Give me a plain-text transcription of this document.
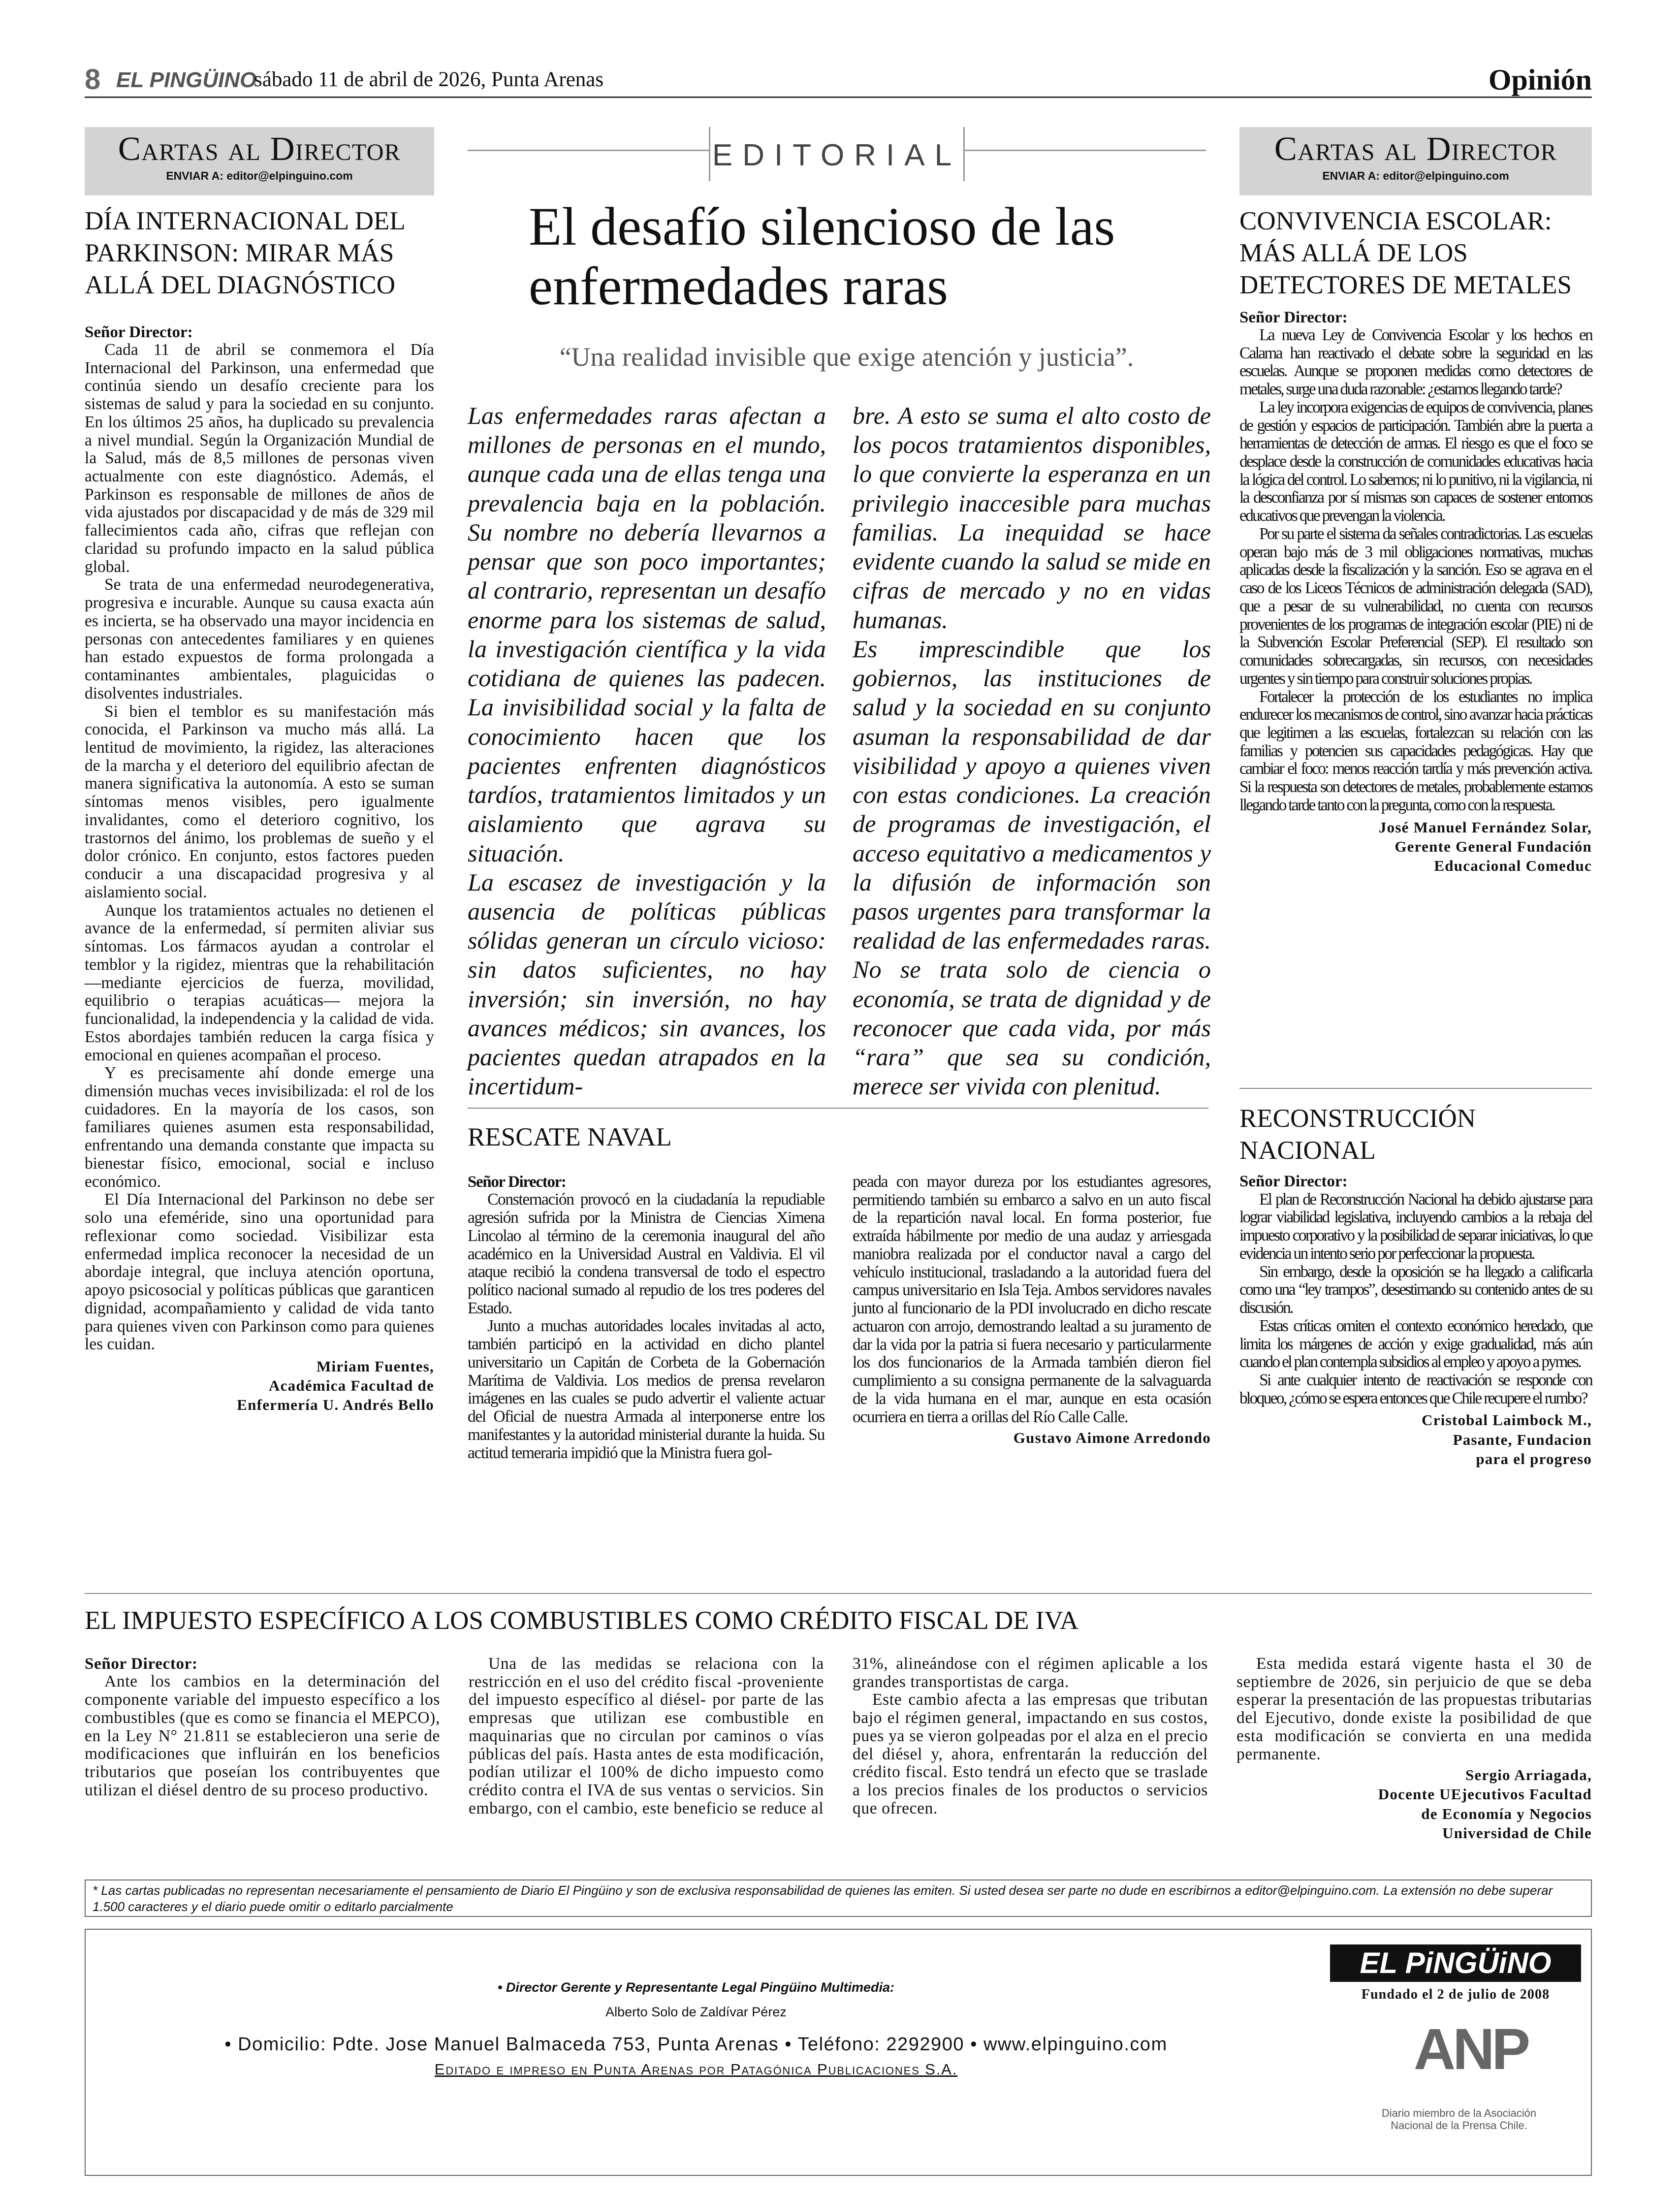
8 EL PINGÜINO
sábado 11 de abril de 2026, Punta Arenas	Opinión
Cartas al Director
ENVIAR A: editor@elpinguino.com
DÍA INTERNACIONAL DEL PARKINSON: MIRAR MÁS ALLÁ DEL DIAGNÓSTICO

Señor Director:

Cada 11 de abril se conmemora el Día Internacional del Parkinson, una enfermedad que continúa siendo un desafío creciente para los sistemas de salud y para la sociedad en su conjunto. En los últimos 25 años, ha duplicado su prevalencia a nivel mundial. Según la Organización Mundial de la Salud, más de 8,5 millones de personas viven actualmente con este diagnóstico. Además, el Parkinson es responsable de millones de años de vida ajustados por discapacidad y de más de 329 mil fallecimientos cada año, cifras que reflejan con claridad su profundo impacto en la salud pública global.

Se trata de una enfermedad neurodegenerativa, progresiva e incurable. Aunque su causa exacta aún es incierta, se ha observado una mayor incidencia en personas con antecedentes familiares y en quienes han estado expuestos de forma prolongada a contaminantes ambientales, plaguicidas o disolventes industriales.

Si bien el temblor es su manifestación más conocida, el Parkinson va mucho más allá. La lentitud de movimiento, la rigidez, las alteraciones de la marcha y el deterioro del equilibrio afectan de manera significativa la autonomía. A esto se suman síntomas menos visibles, pero igualmente invalidantes, como el deterioro cognitivo, los trastornos del ánimo, los problemas de sueño y el dolor crónico. En conjunto, estos factores pueden conducir a una discapacidad progresiva y al aislamiento social.

Aunque los tratamientos actuales no detienen el avance de la enfermedad, sí permiten aliviar sus síntomas. Los fármacos ayudan a controlar el temblor y la rigidez, mientras que la rehabilitación —mediante ejercicios de fuerza, movilidad, equilibrio o terapias acuáticas— mejora la funcionalidad, la independencia y la calidad de vida. Estos abordajes también reducen la carga física y emocional en quienes acompañan el proceso.

Y es precisamente ahí donde emerge una dimensión muchas veces invisibilizada: el rol de los cuidadores. En la mayoría de los casos, son familiares quienes asumen esta responsabilidad, enfrentando una demanda constante que impacta su bienestar físico, emocional, social e incluso económico.

El Día Internacional del Parkinson no debe ser solo una efeméride, sino una oportunidad para reflexionar como sociedad. Visibilizar esta enfermedad implica reconocer la necesidad de un abordaje integral, que incluya atención oportuna, apoyo psicosocial y políticas públicas que garanticen dignidad, acompañamiento y calidad de vida tanto para quienes viven con Parkinson como para quienes les cuidan.

Miriam Fuentes,
Académica Facultad de
Enfermería U. Andrés Bello
EDITORIAL
El desafío silencioso de las enfermedades raras
“Una realidad invisible que exige atención y justicia”.

Las enfermedades raras afectan a millones de personas en el mundo, aunque cada una de ellas tenga una prevalencia baja en la población. Su nombre no debería llevarnos a pensar que son poco importantes; al contrario, representan un desafío enorme para los sistemas de salud, la investigación científica y la vida cotidiana de quienes las padecen. La invisibilidad social y la falta de conocimiento hacen que los pacientes enfrenten diagnósticos tardíos, tratamientos limitados y un aislamiento que agrava su situación.

La escasez de investigación y la ausencia de políticas públicas sólidas generan un círculo vicioso: sin datos suficientes, no hay inversión; sin inversión, no hay avances médicos; sin avances, los pacientes quedan atrapados en la incertidum-

bre. A esto se suma el alto costo de los pocos tratamientos disponibles, lo que convierte la esperanza en un privilegio inaccesible para muchas familias. La inequidad se hace evidente cuando la salud se mide en cifras de mercado y no en vidas humanas.

Es imprescindible que los gobiernos, las instituciones de salud y la sociedad en su conjunto asuman la responsabilidad de dar visibilidad y apoyo a quienes viven con estas condiciones. La creación de programas de investigación, el acceso equitativo a medicamentos y la difusión de información son pasos urgentes para transformar la realidad de las enfermedades raras. No se trata solo de ciencia o economía, se trata de dignidad y de reconocer que cada vida, por más “rara” que sea su condición, merece ser vivida con plenitud.

RESCATE NAVAL

Señor Director:

Consternación provocó en la ciudadanía la repudiable agresión sufrida por la Ministra de Ciencias Ximena Lincolao al término de la ceremonia inaugural del año académico en la Universidad Austral en Valdivia. El vil ataque recibió la condena transversal de todo el espectro político nacional sumado al repudio de los tres poderes del Estado.

Junto a muchas autoridades locales invitadas al acto, también participó en la actividad en dicho plantel universitario un Capitán de Corbeta de la Gobernación Marítima de Valdivia. Los medios de prensa revelaron imágenes en las cuales se pudo advertir el valiente actuar del Oficial de nuestra Armada al interponerse entre los manifestantes y la autoridad ministerial durante la huida. Su actitud temeraria impidió que la Ministra fuera gol-

peada con mayor dureza por los estudiantes agresores, permitiendo también su embarco a salvo en un auto fiscal de la repartición naval local. En forma posterior, fue extraída hábilmente por medio de una audaz y arriesgada maniobra realizada por el conductor naval a cargo del vehículo institucional, trasladando a la autoridad fuera del campus universitario en Isla Teja. Ambos servidores navales junto al funcionario de la PDI involucrado en dicho rescate actuaron con arrojo, demostrando lealtad a su juramento de dar la vida por la patria si fuera necesario y particularmente los dos funcionarios de la Armada también dieron fiel cumplimiento a su consigna permanente de la salvaguarda de la vida humana en el mar, aunque en esta ocasión ocurriera en tierra a orillas del Río Calle Calle.

Gustavo Aimone Arredondo
Cartas al Director
ENVIAR A: editor@elpinguino.com
CONVIVENCIA ESCOLAR: MÁS ALLÁ DE LOS DETECTORES DE METALES

Señor Director:

La nueva Ley de Convivencia Escolar y los hechos en Calama han reactivado el debate sobre la seguridad en las escuelas. Aunque se proponen medidas como detectores de metales, surge una duda razonable: ¿estamos llegando tarde?

La ley incorpora exigencias de equipos de convivencia, planes de gestión y espacios de participación. También abre la puerta a herramientas de detección de armas. El riesgo es que el foco se desplace desde la construcción de comunidades educativas hacia la lógica del control. Lo sabemos; ni lo punitivo, ni la vigilancia, ni la desconfianza por sí mismas son capaces de sostener entornos educativos que prevengan la violencia.

Por su parte el sistema da señales contradictorias. Las escuelas operan bajo más de 3 mil obligaciones normativas, muchas aplicadas desde la fiscalización y la sanción. Eso se agrava en el caso de los Liceos Técnicos de administración delegada (SAD), que a pesar de su vulnerabilidad, no cuenta con recursos provenientes de los programas de integración escolar (PIE) ni de la Subvención Escolar Preferencial (SEP). El resultado son comunidades sobrecargadas, sin recursos, con necesidades urgentes y sin tiempo para construir soluciones propias.

Fortalecer la protección de los estudiantes no implica endurecer los mecanismos de control, sino avanzar hacia prácticas que legitimen a las escuelas, fortalezcan su relación con las familias y potencien sus capacidades pedagógicas. Hay que cambiar el foco: menos reacción tardía y más prevención activa. Si la respuesta son detectores de metales, probablemente estamos llegando tarde tanto con la pregunta, como con la respuesta.

José Manuel Fernández Solar,
Gerente General Fundación
Educacional Comeduc
RECONSTRUCCIÓN NACIONAL

Señor Director:

El plan de Reconstrucción Nacional ha debido ajustarse para lograr viabilidad legislativa, incluyendo cambios a la rebaja del impuesto corporativo y la posibilidad de separar iniciativas, lo que evidencia un intento serio por perfeccionar la propuesta.

Sin embargo, desde la oposición se ha llegado a calificarla como una “ley trampos”, desestimando su contenido antes de su discusión.

Estas críticas omiten el contexto económico heredado, que limita los márgenes de acción y exige gradualidad, más aún cuando el plan contempla subsidios al empleo y apoyo a pymes.

Si ante cualquier intento de reactivación se responde con bloqueo, ¿cómo se espera entonces que Chile recupere el rumbo?

Cristobal Laimbock M.,
Pasante, Fundacion
para el progreso
EL IMPUESTO ESPECÍFICO A LOS COMBUSTIBLES COMO CRÉDITO FISCAL DE IVA

Señor Director:

Ante los cambios en la determinación del componente variable del impuesto específico a los combustibles (que es como se financia el MEPCO), en la Ley N° 21.811 se establecieron una serie de modificaciones que influirán en los beneficios tributarios que poseían los contribuyentes que utilizan el diésel dentro de su proceso productivo.

Una de las medidas se relaciona con la restricción en el uso del crédito fiscal -proveniente del impuesto específico al diésel- por parte de las empresas que utilizan ese combustible en maquinarias que no circulan por caminos o vías públicas del país. Hasta antes de esta modificación, podían utilizar el 100% de dicho impuesto como crédito contra el IVA de sus ventas o servicios. Sin embargo, con el cambio, este beneficio se reduce al

31%, alineándose con el régimen aplicable a los grandes transportistas de carga.

Este cambio afecta a las empresas que tributan bajo el régimen general, impactando en sus costos, pues ya se vieron golpeadas por el alza en el precio del diésel y, ahora, enfrentarán la reducción del crédito fiscal. Esto tendrá un efecto que se traslade a los precios finales de los productos o servicios que ofrecen.

Esta medida estará vigente hasta el 30 de septiembre de 2026, sin perjuicio de que se deba esperar la presentación de las propuestas tributarias del Ejecutivo, donde existe la posibilidad de que esta modificación se convierta en una medida permanente.

Sergio Arriagada,
Docente UEjecutivos Facultad
de Economía y Negocios
Universidad de Chile
* Las cartas publicadas no representan necesariamente el pensamiento de Diario El Pingüino y son de exclusiva responsabilidad de quienes las emiten. Si usted desea ser parte no dude en escribirnos a editor@elpinguino.com. La extensión no debe superar 1.500 caracteres y el diario puede omitir o editarlo parcialmente
• Director Gerente y Representante Legal Pingüino Multimedia:
Alberto Solo de Zaldívar Pérez
• Domicilio: Pdte. Jose Manuel Balmaceda 753, Punta Arenas • Teléfono: 2292900 • www.elpinguino.com
Editado e impreso en Punta Arenas por Patagónica Publicaciones S.A.
EL PiNGÜiNO
Fundado el 2 de julio de 2008
ANP
Diario miembro de la Asociación Nacional de la Prensa Chile.
